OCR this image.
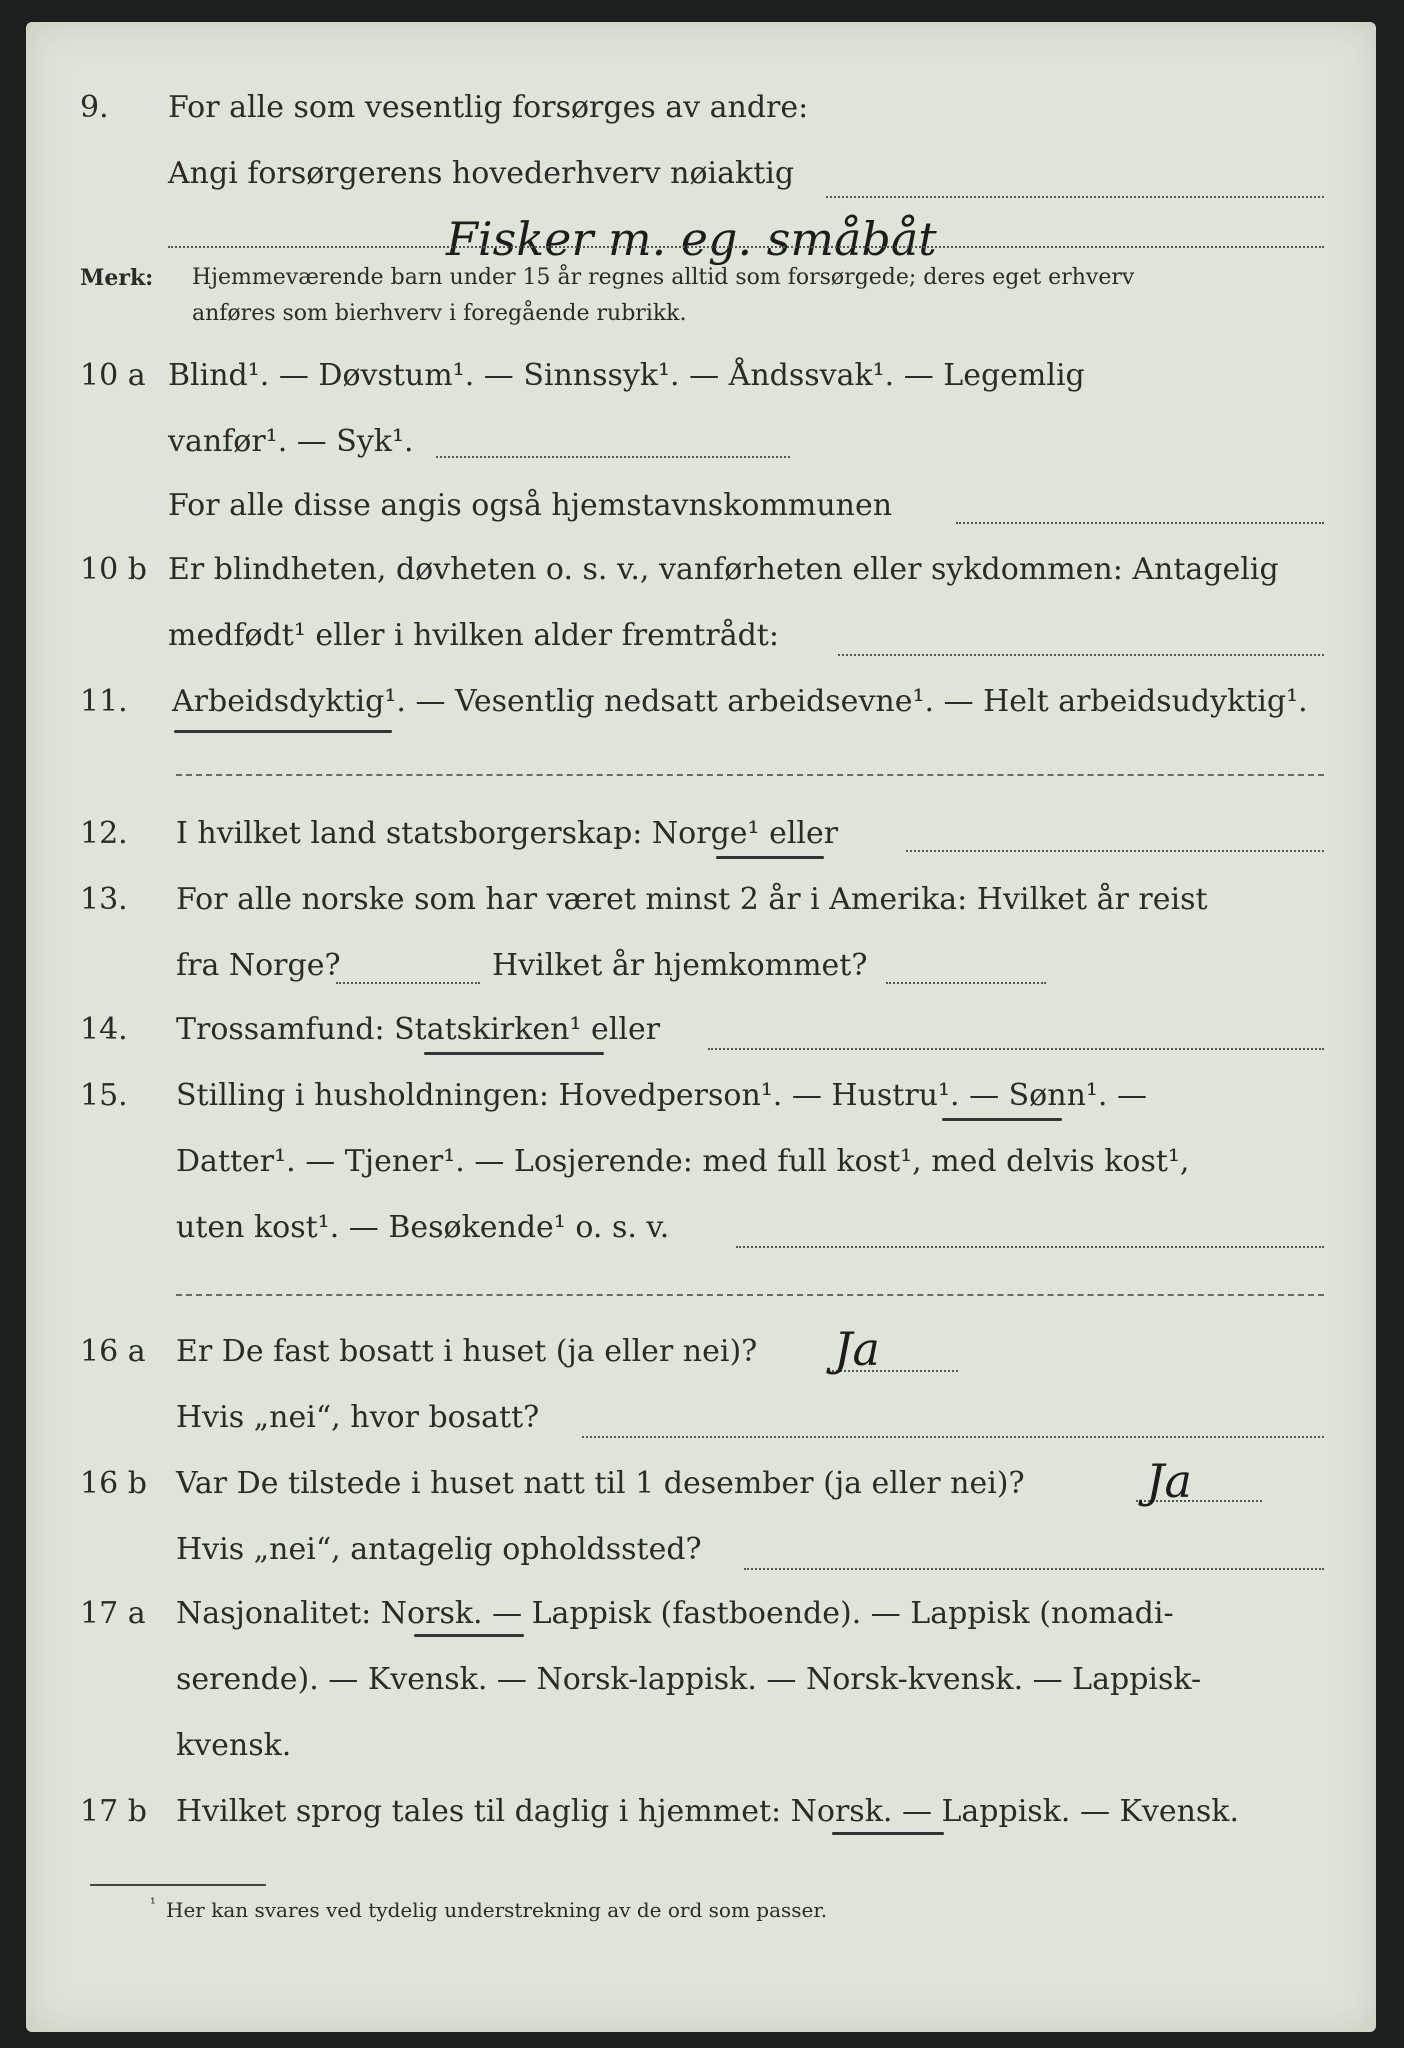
9. For alle som vesentlig forsørges av andre:
Angi forsørgerens hovederhverv nøiaktig
Fisker m. eg. småbåt
Merk: Hjemmeværende barn under 15 år regnes alltid som forsørgede; deres eget erhverv
anføres som bierhverv i foregående rubrikk.
10 a Blind¹. — Døvstum¹. — Sinnssyk¹. — Åndssvak¹. — Legemlig
vanfør¹. — Syk¹.
For alle disse angis også hjemstavnskommunen
10 b Er blindheten, døvheten o. s. v., vanførheten eller sykdommen: Antagelig
medfødt¹ eller i hvilken alder fremtrådt:
11. Arbeidsdyktig¹. — Vesentlig nedsatt arbeidsevne¹. — Helt arbeidsudyktig¹.
12. I hvilket land statsborgerskap: Norge¹ eller
13. For alle norske som har været minst 2 år i Amerika: Hvilket år reist
fra Norge?	Hvilket år hjemkommet?
14. Trossamfund: Statskirken¹ eller
15. Stilling i husholdningen: Hovedperson¹. — Hustru¹. — Sønn¹. —
Datter¹. — Tjener¹. — Losjerende: med full kost¹, med delvis kost¹,
uten kost¹. — Besøkende¹ o. s. v.
16 a Er De fast bosatt i huset (ja eller nei)? Ja
Hvis „nei“, hvor bosatt?
16 b Var De tilstede i huset natt til 1 desember (ja eller nei)?	Ja
Hvis „nei“, antagelig opholdssted?
17 a Nasjonalitet: Norsk. — Lappisk (fastboende). — Lappisk (nomadi-
serende). — Kvensk. — Norsk-lappisk. — Norsk-kvensk. — Lappisk-
kvensk.
17 b Hvilket sprog tales til daglig i hjemmet: Norsk. — Lappisk. — Kvensk.
¹ Her kan svares ved tydelig understrekning av de ord som passer.
